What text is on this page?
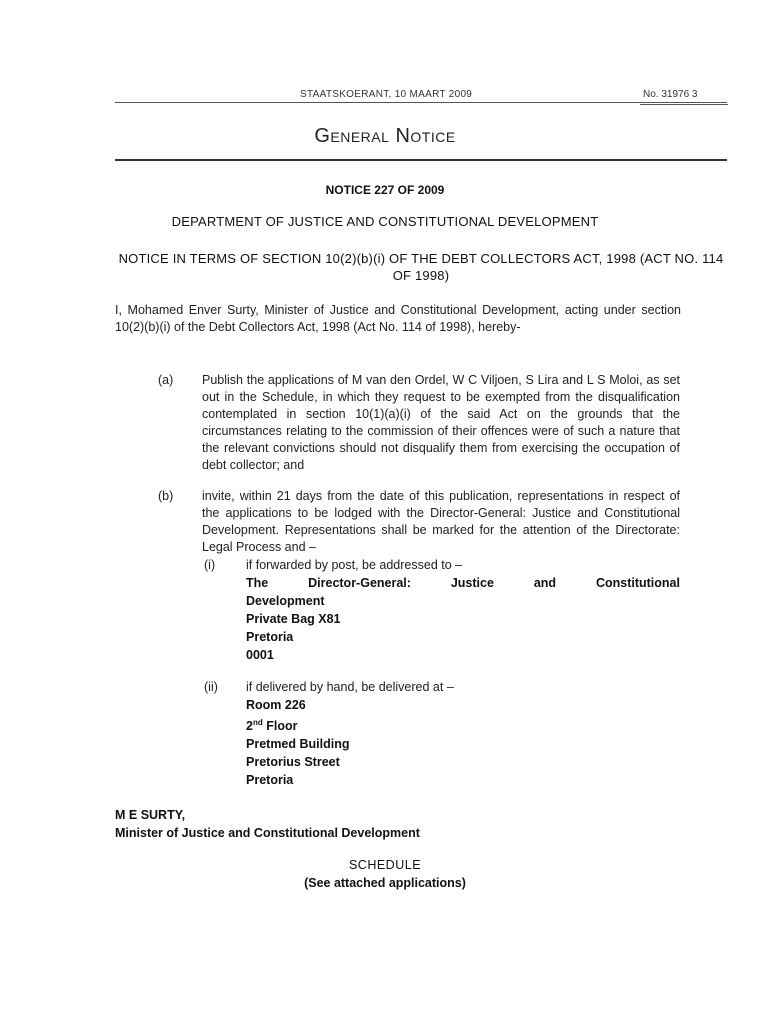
STAATSKOERANT, 10 MAART 2009	No. 31976 3
General Notice
NOTICE 227 OF 2009
DEPARTMENT OF JUSTICE AND CONSTITUTIONAL DEVELOPMENT
NOTICE IN TERMS OF SECTION 10(2)(b)(i) OF THE DEBT COLLECTORS ACT, 1998 (ACT NO. 114 OF 1998)
I, Mohamed Enver Surty, Minister of Justice and Constitutional Development, acting under section 10(2)(b)(i) of the Debt Collectors Act, 1998 (Act No. 114 of 1998), hereby-
(a) Publish the applications of M van den Ordel, W C Viljoen, S Lira and L S Moloi, as set out in the Schedule, in which they request to be exempted from the disqualification contemplated in section 10(1)(a)(i) of the said Act on the grounds that the circumstances relating to the commission of their offences were of such a nature that the relevant convictions should not disqualify them from exercising the occupation of debt collector; and
(b) invite, within 21 days from the date of this publication, representations in respect of the applications to be lodged with the Director-General: Justice and Constitutional Development. Representations shall be marked for the attention of the Directorate: Legal Process and –
(i) if forwarded by post, be addressed to –
The	Director-General:	Justice	and	Constitutional
Development
Private Bag X81
Pretoria
0001
(ii) if delivered by hand, be delivered at –
Room 226
2nd Floor
Pretmed Building
Pretorius Street
Pretoria
M E SURTY,
Minister of Justice and Constitutional Development
SCHEDULE
(See attached applications)
